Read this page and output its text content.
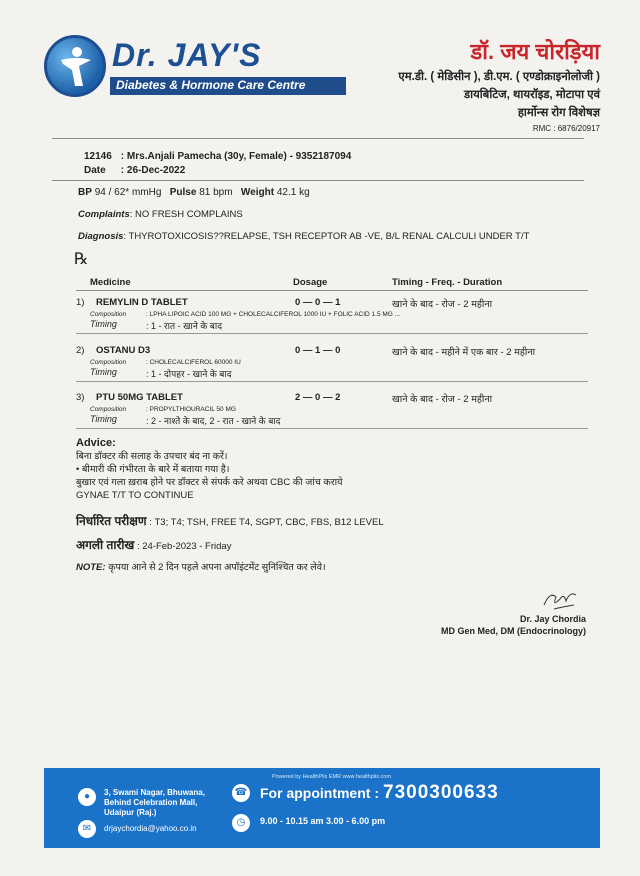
Dr. JAY'S
Diabetes & Hormone Care Centre
डॉ. जय चोरड़िया
एम.डी. ( मेडिसीन ), डी.एम. ( एण्डोक्राइनोलोजी )
डायबिटिज, थायरॉइड, मोटापा एवं
हार्मोन्स रोग विशेषज्ञ
RMC : 6876/20917
12146 : Mrs.Anjali Pamecha (30y, Female) - 9352187094
Date : 26-Dec-2022
BP 94 / 62* mmHg Pulse 81 bpm Weight 42.1 kg
Complaints: NO FRESH COMPLAINS
Diagnosis: THYROTOXICOSIS??RELAPSE, TSH RECEPTOR AB -VE, B/L RENAL CALCULI UNDER T/T
℞
Medicine	Dosage	Timing - Freq. - Duration
1) REMYLIN D TABLET	0 — 0 — 1	खाने के बाद - रोज - 2 महीना
Composition	: LPHA LIPOIC ACID 100 MG + CHOLECALCIFEROL 1000 IU + FOLIC ACID 1.5 MG ...
Timing	: 1 - रात - खाने के बाद
2) OSTANU D3	0 — 1 — 0	खाने के बाद - महीने में एक बार - 2 महीना
Composition	: CHOLECALCIFEROL 60000 IU
Timing	: 1 - दोपहर - खाने के बाद
3) PTU 50MG TABLET	2 — 0 — 2	खाने के बाद - रोज - 2 महीना
Composition	: PROPYLTHIOURACIL 50 MG
Timing	: 2 - नाश्ते के बाद, 2 - रात - खाने के बाद
Advice:
बिना डॉक्टर की सलाह के उपचार बंद ना करें।
• बीमारी की गंभीरता के बारे में बताया गया है।
बुखार एवं गला ख़राब होने पर डॉक्टर से संपर्क करे अथवा CBC की जांच कराये
GYNAE T/T TO CONTINUE
निर्धारित परीक्षण : T3; T4; TSH, FREE T4, SGPT, CBC, FBS, B12 LEVEL
अगली तारीख : 24-Feb-2023 - Friday
NOTE: कृपया आने से 2 दिन पहले अपना अपॉइंटमेंट सुनिश्चित कर लेवे।
Dr. Jay Chordia
MD Gen Med, DM (Endocrinology)
Powered by HealthPlix EMR www.healthplix.com
●	3, Swami Nagar, Bhuwana,
Behind Celebration Mall,
Udaipur (Raj.)
✉	drjaychordia@yahoo.co.in
☎ For appointment : 7300300633
◷	9.00 - 10.15 am 3.00 - 6.00 pm
